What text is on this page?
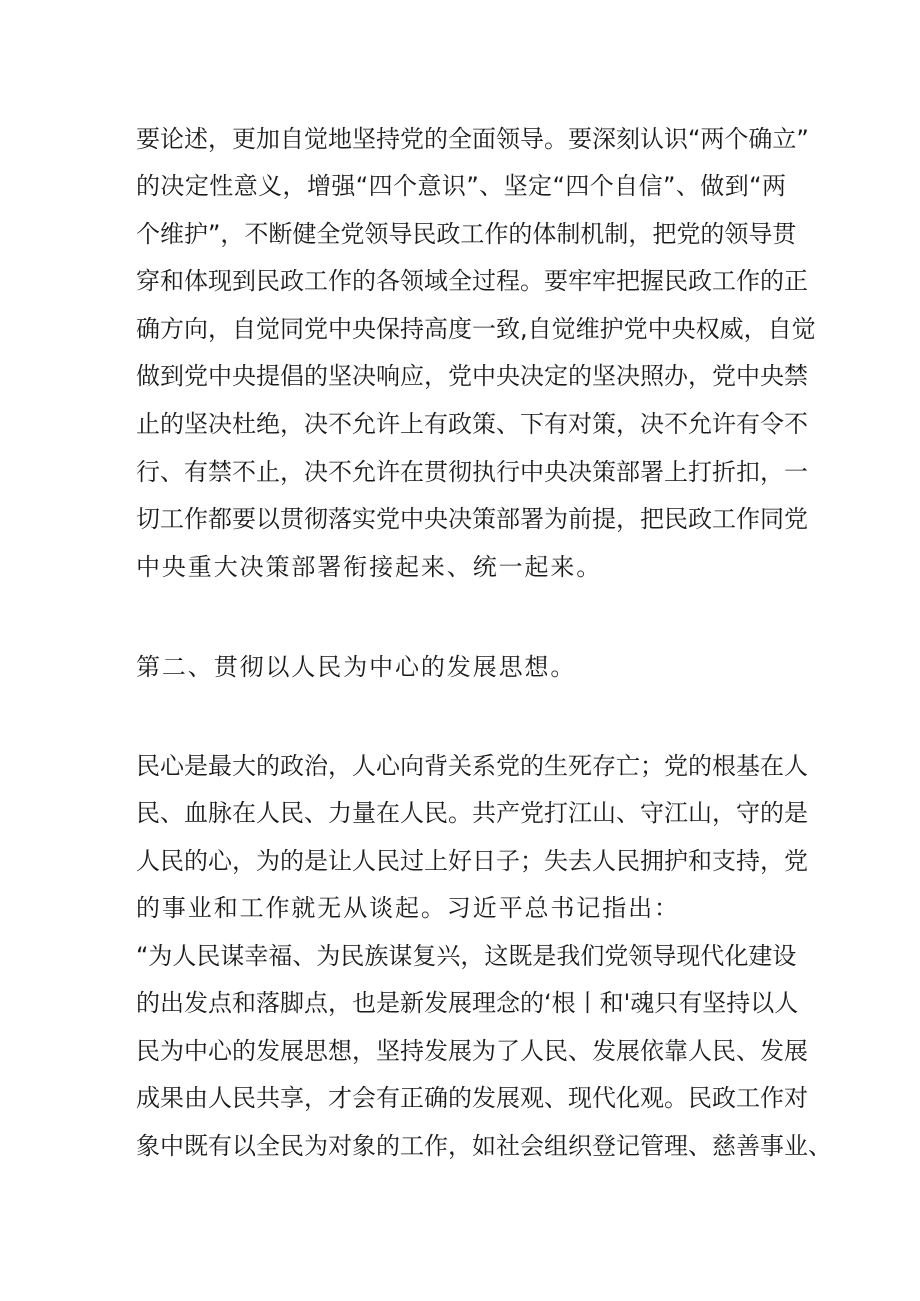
要论述，更加自觉地坚持党的全面领导。要深刻认识“两个确立”
的决定性意义，增强“四个意识”、坚定“四个自信”、做到“两
个维护”，不断健全党领导民政工作的体制机制，把党的领导贯
穿和体现到民政工作的各领域全过程。要牢牢把握民政工作的正
确方向，自觉同党中央保持高度一致,自觉维护党中央权威，自觉
做到党中央提倡的坚决响应，党中央决定的坚决照办，党中央禁
止的坚决杜绝，决不允许上有政策、下有对策，决不允许有令不
行、有禁不止，决不允许在贯彻执行中央决策部署上打折扣，一
切工作都要以贯彻落实党中央决策部署为前提，把民政工作同党
中央重大决策部署衔接起来、统一起来。
第二、贯彻以人民为中心的发展思想。
民心是最大的政治，人心向背关系党的生死存亡；党的根基在人
民、血脉在人民、力量在人民。共产党打江山、守江山，守的是
人民的心，为的是让人民过上好日子；失去人民拥护和支持，党
的事业和工作就无从谈起。习近平总书记指出：
“为人民谋幸福、为民族谋复兴，这既是我们党领导现代化建设
的出发点和落脚点，也是新发展理念的‘根丨和'魂只有坚持以人
民为中心的发展思想，坚持发展为了人民、发展依靠人民、发展
成果由人民共享，才会有正确的发展观、现代化观。民政工作对
象中既有以全民为对象的工作，如社会组织登记管理、慈善事业、
